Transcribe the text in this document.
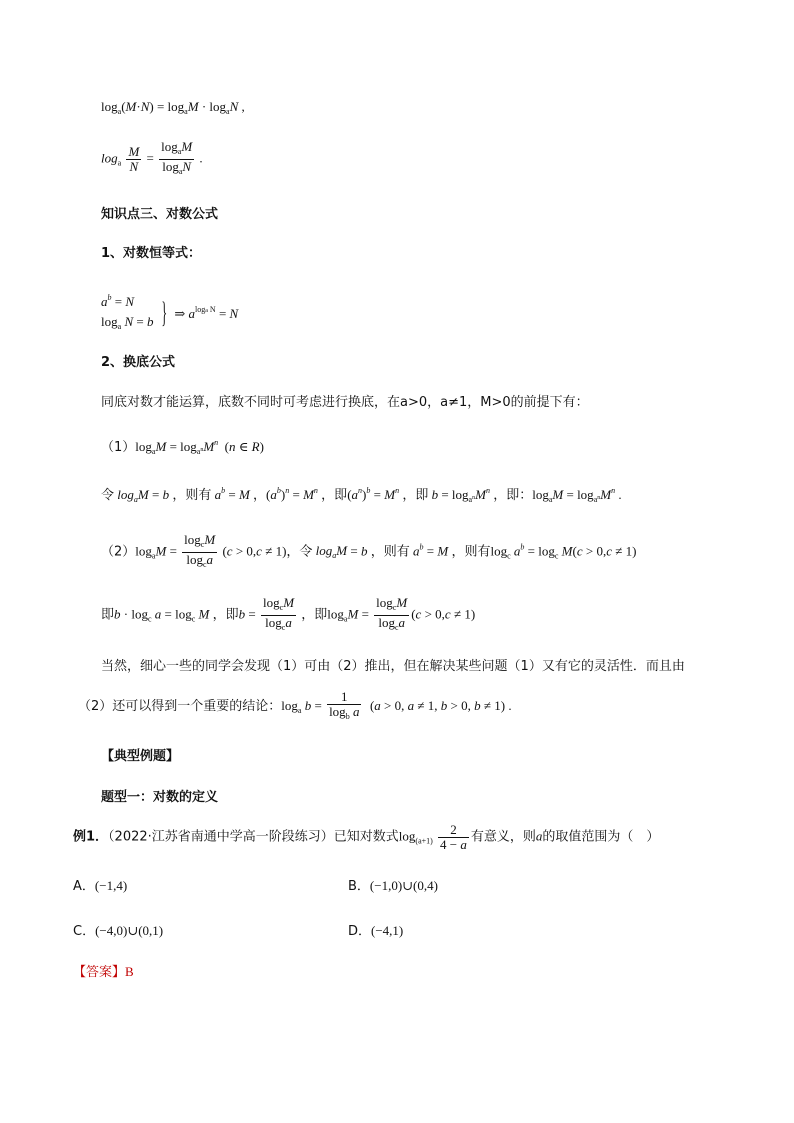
$\log_a(M\cdot N) = \log_aM \cdot \log_aN$ ,
$\log_a \frac{M}{N} = \frac{\log_aM}{\log_aN}$ .
知识点三、对数公式
1、对数恒等式：
$a^b = N$
$\log_a N = b$ } ⇒ $a^{loga N} = N$
2、换底公式
同底对数才能运算，底数不同时可考虑进行换底，在a>0，a≠1，M>0的前提下有：
$(1)\log_aM = \log_{a^n}M^n$  (n ∈ R)
令 $\log_aM = b$ ，则有 $a^b = M$ ，$(a^b)^n = M^n$ ，即$(a^n)^b = M^n$ ，即 $b = \log_{a^n}M^n$ ，即：$\log_aM = \log_{a^n}M^n$ .
$(2)\log_aM = \frac{\log_cM}{\log_ca} (c > 0,c \ne 1)$，令 $\log_aM = b$ ，则有 $a^b = M$ ，则有$\log_c a^b = \log_c M(c > 0,c \ne 1)$
即$b \cdot \log_c a = \log_c M$ ，即$b = \frac{\log_cM}{\log_ca}$ ，即$\log_aM = \frac{\log_cM}{\log_ca} (c > 0,c \ne 1)$
当然，细心一些的同学会发现（1）可由（2）推出，但在解决某些问题（1）又有它的灵活性．而且由
（2）还可以得到一个重要的结论：$\log_a b = \frac{1}{\log_b a} (a > 0$, a ≠ 1, b > 0, b ≠ 1) .
【典型例题】
题型一：对数的定义
例1．（2022·江苏省南通中学高一阶段练习）已知对数式$\log_{(a+1)} \frac{2}{4 - a}$ 有意义，则a的取值范围为（　）
A．(−1,4)	B．(−1,0)∪(0,4)
C．(−4,0)∪(0,1)	D．(−4,1)
【答案】B
